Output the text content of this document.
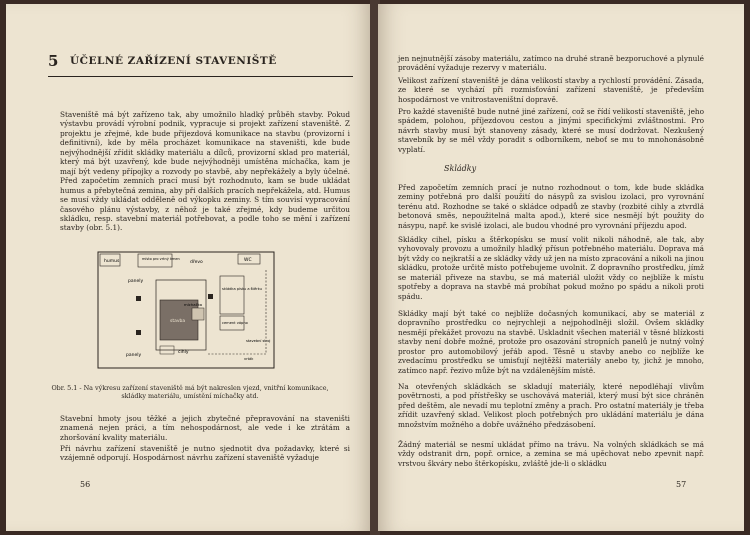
5 ÚČELNÉ ZAŘÍZENÍ STAVENIŠTĚ

Staveniště má být zařízeno tak, aby umožnilo hladký průběh stavby. Pokud výstavbu provádí výrobní podnik, vypracuje si projekt zařízení staveniště. Z projektu je zřejmé, kde bude přijezdová komunikace na stavbu (provizorní i definitivní), kde by měla procházet komunikace na staveništi, kde bude nejvýhodnější zřídit skládky materiálu a dílců, provizorní sklad pro materiál, který má být uzavřený, kde bude nejvýhodněji umístěna míchačka, kam je mají být vedeny přípojky a rozvody po stavbě, aby nepřekážely a byly účelné. Před započetím zemních prací musí být rozhodnuto, kam se bude ukládat humus a přebytečná zemina, aby při dalších pracích nepřekážela, atd. Humus se musí vždy ukládat odděleně od výkopku zeminy. S tím souvisí vypracování časového plánu výstavby, z něhož je také zřejmé, kdy budeme určitou skládku, resp. stavební materiál potřebovat, a podle toho se mění i zařízení stavby (obr. 5.1).

humus	místo pro vrtný kmen
dřevo	WC
panely
stavba
míchačka
skládka písku a štěrku
cement vápno
panely
cihly
stavební stroj
vrták
Obr. 5.1 - Na výkresu zařízení staveniště má být nakreslen vjezd, vnitřní komunikace, skládky materiálu, umístění míchačky atd.

Stavební hmoty jsou těžké a jejich zbytečné přepravování na staveništi znamená nejen práci, a tím nehospodárnost, ale vede i ke ztrátám a zhoršování kvality materiálu.

Při návrhu zařízení staveniště je nutno sjednotit dva požadavky, které si vzájemně odporují. Hospodárnost návrhu zařízení staveniště vyžaduje

56

jen nejnutnější zásoby materiálu, zatímco na druhé straně bezporuchové a plynulé provádění vyžaduje rezervy v materiálu.

Velikost zařízení staveniště je dána velikostí stavby a rychlostí provádění. Zásada, ze které se vychází při rozmisťování zařízení staveniště, je především hospodárnost ve vnitrostaveništní dopravě.

Pro každé staveniště bude nutné jiné zařízení, což se řídí velikostí staveniště, jeho spádem, polohou, příjezdovou cestou a jinými specifickými zvláštnostmi. Pro návrh stavby musí být stanoveny zásady, které se musí dodržovat. Nezkušený stavebník by se měl vždy poradit s odborníkem, neboť se mu to mnohonásobně vyplatí.

Skládky

Před započetím zemních prací je nutno rozhodnout o tom, kde bude skládka zeminy potřebná pro další použití do násypů za svislou izolaci, pro vyrovnání terénu atd. Rozhodne se také o skládce odpadů ze stavby (rozbité cihly a ztvrdlá betonová směs, nepoužitelná malta apod.), které sice nesmějí být použity do násypu, např. ke svislé izolaci, ale budou vhodné pro vyrovnání příjezdu apod.

Skládky cihel, písku a štěrkopísku se musí volit nikoli náhodně, ale tak, aby vyhovovaly provozu a umožnily hladký přísun potřebného materiálu. Doprava má být vždy co nejkratší a ze skládky vždy už jen na místo zpracování a nikoli na jinou skládku, protože určitě místo potřebujeme uvolnit. Z dopravního prostředku, jímž se materiál přiveze na stavbu, se má materiál uložit vždy co nejblíže k místu spotřeby a doprava na stavbě má probíhat pokud možno po spádu a nikoli proti spádu.

Skládky mají být také co nejblíže dočasných komunikací, aby se materiál z dopravního prostředku co nejrychleji a nejpohodlněji složil. Ovšem skládky nesmějí překážet provozu na stavbě. Uskladnit všechen materiál v těsné blízkosti stavby není dobře možné, protože pro osazování stropních panelů je nutný volný prostor pro automobilový jeřáb apod. Těsně u stavby anebo co nejblíže ke zvedacímu prostředku se umisťují nejtěžší materiály anebo ty, jichž je mnoho, zatímco např. řezivo může být na vzdálenějším místě.

Na otevřených skládkách se skladují materiály, které nepodléhají vlivům povětrnosti, a pod přístřešky se uschovává materiál, který musí být sice chráněn před deštěm, ale nevadí mu teplotní změny a prach. Pro ostatní materiály je třeba zřídit uzavřený sklad. Velikost ploch potřebných pro ukládání materiálu je dána množstvím možného a dobře uvážného předzásobení.

Žádný materiál se nesmí ukládat přímo na trávu. Na volných skládkách se má vždy odstranit drn, popř. ornice, a zemina se má upěchovat nebo zpevnit např. vrstvou škváry nebo štěrkopísku, zvláště jde-li o skládku

57
